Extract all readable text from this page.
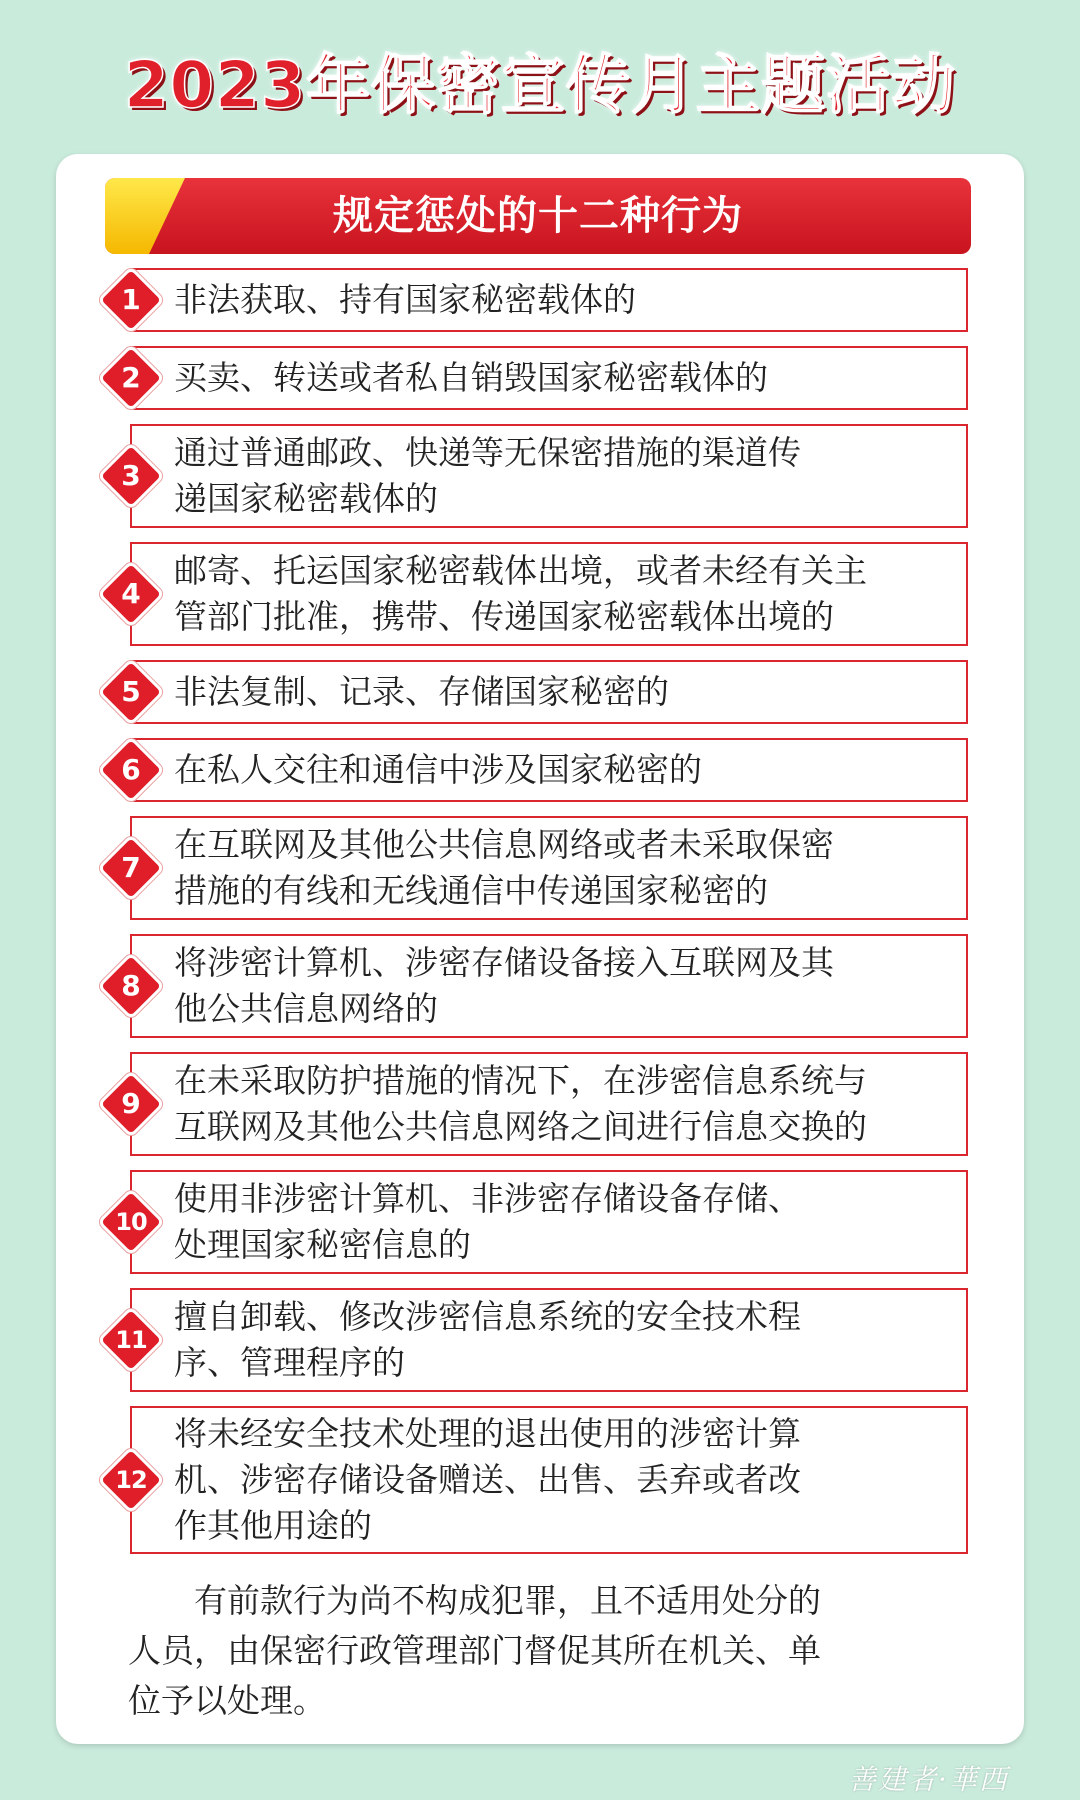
2023年保密宣传月主题活动
规定惩处的十二种行为
1	非法获取、持有国家秘密载体的
2	买卖、转送或者私自销毁国家秘密载体的
3
通过普通邮政、快递等无保密措施的渠道传
递国家秘密载体的
4
邮寄、托运国家秘密载体出境，或者未经有关主
管部门批准，携带、传递国家秘密载体出境的
5	非法复制、记录、存储国家秘密的
6	在私人交往和通信中涉及国家秘密的
7
在互联网及其他公共信息网络或者未采取保密
措施的有线和无线通信中传递国家秘密的
8
将涉密计算机、涉密存储设备接入互联网及其
他公共信息网络的
9
在未采取防护措施的情况下，在涉密信息系统与
互联网及其他公共信息网络之间进行信息交换的
10
使用非涉密计算机、非涉密存储设备存储、
处理国家秘密信息的
11
擅自卸载、修改涉密信息系统的安全技术程
序、管理程序的
12
将未经安全技术处理的退出使用的涉密计算
机、涉密存储设备赠送、出售、丢弃或者改
作其他用途的
　　有前款行为尚不构成犯罪，且不适用处分的
人员，由保密行政管理部门督促其所在机关、单
位予以处理。
善建者·華西
